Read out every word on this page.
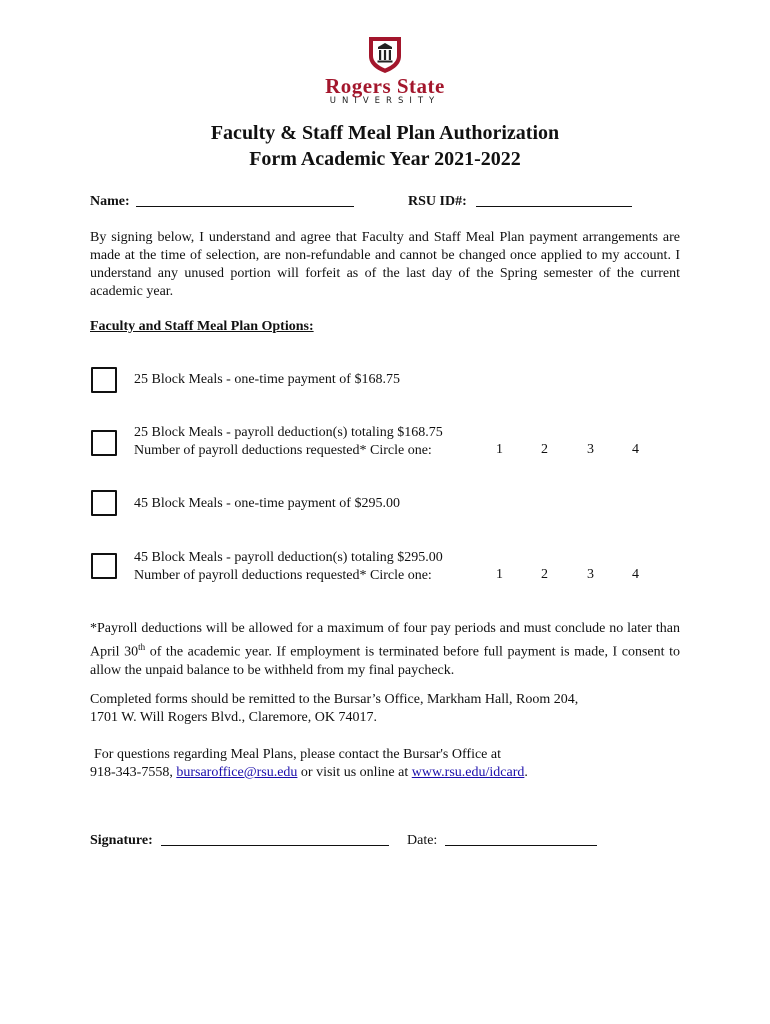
Rogers State
UNIVERSITY
Faculty & Staff Meal Plan Authorization
Form Academic Year 2021-2022
Name:	RSU ID#:
By signing below, I understand and agree that Faculty and Staff Meal Plan payment arrangements are made at the time of selection, are non-refundable and cannot be changed once applied to my account. I understand any unused portion will forfeit as of the last day of the Spring semester of the current academic year.
Faculty and Staff Meal Plan Options:
25 Block Meals - one-time payment of $168.75
25 Block Meals - payroll deduction(s) totaling $168.75
Number of payroll deductions requested* Circle one:	1	2	3	4
45 Block Meals - one-time payment of $295.00
45 Block Meals - payroll deduction(s) totaling $295.00
Number of payroll deductions requested* Circle one:	1	2	3	4
*Payroll deductions will be allowed for a maximum of four pay periods and must conclude no later than April 30th of the academic year. If employment is terminated before full payment is made, I consent to allow the unpaid balance to be withheld from my final paycheck.
Completed forms should be remitted to the Bursar’s Office, Markham Hall, Room 204,
1701 W. Will Rogers Blvd., Claremore, OK 74017.
For questions regarding Meal Plans, please contact the Bursar's Office at
918-343-7558, bursaroffice@rsu.edu or visit us online at www.rsu.edu/idcard.
Signature:	Date:
